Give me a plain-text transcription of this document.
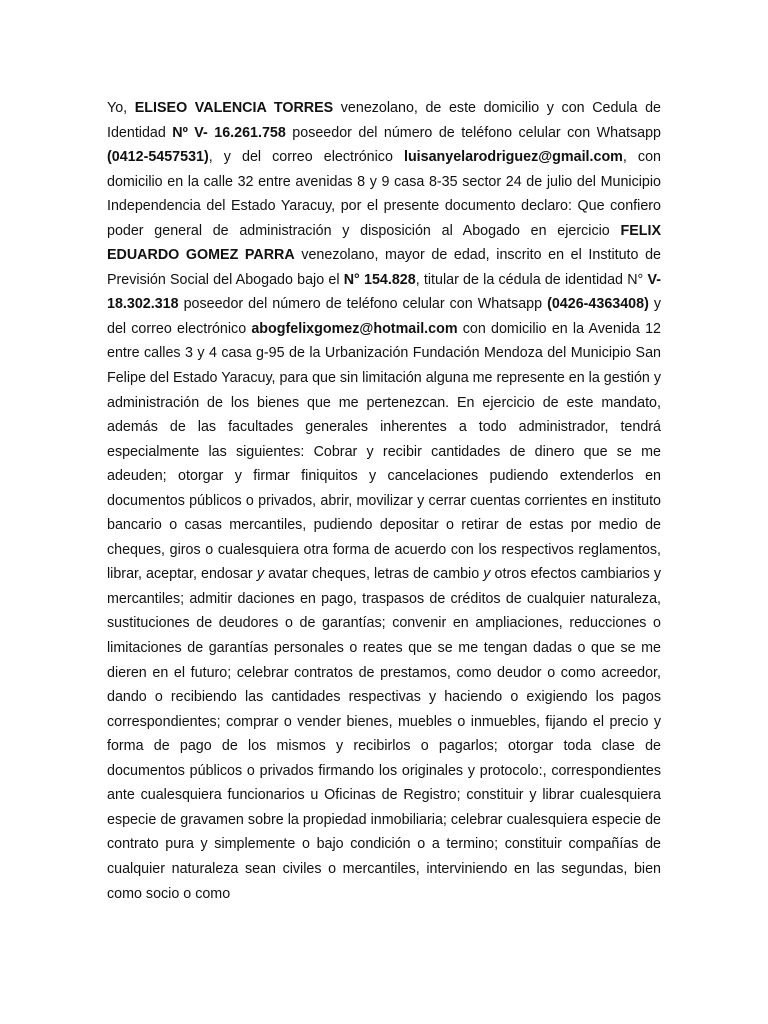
Yo, ELISEO VALENCIA TORRES venezolano, de este domicilio y con Cedula de Identidad Nº V- 16.261.758 poseedor del número de teléfono celular con Whatsapp (0412-5457531), y del correo electrónico luisanyelarodriguez@gmail.com, con domicilio en la calle 32 entre avenidas 8 y 9 casa 8-35 sector 24 de julio del Municipio Independencia del Estado Yaracuy, por el presente documento declaro: Que confiero poder general de administración y disposición al Abogado en ejercicio FELIX EDUARDO GOMEZ PARRA venezolano, mayor de edad, inscrito en el Instituto de Previsión Social del Abogado bajo el N° 154.828, titular de la cédula de identidad N° V-18.302.318 poseedor del número de teléfono celular con Whatsapp (0426-4363408) y del correo electrónico abogfelixgomez@hotmail.com con domicilio en la Avenida 12 entre calles 3 y 4 casa g-95 de la Urbanización Fundación Mendoza del Municipio San Felipe del Estado Yaracuy, para que sin limitación alguna me represente en la gestión y administración de los bienes que me pertenezcan. En ejercicio de este mandato, además de las facultades generales inherentes a todo administrador, tendrá especialmente las siguientes: Cobrar y recibir cantidades de dinero que se me adeuden; otorgar y firmar finiquitos y cancelaciones pudiendo extenderlos en documentos públicos o privados, abrir, movilizar y cerrar cuentas corrientes en instituto bancario o casas mercantiles, pudiendo depositar o retirar de estas por medio de cheques, giros o cualesquiera otra forma de acuerdo con los respectivos reglamentos, librar, aceptar, endosar y avatar cheques, letras de cambio y otros efectos cambiarios y mercantiles; admitir daciones en pago, traspasos de créditos de cualquier naturaleza, sustituciones de deudores o de garantías; convenir en ampliaciones, reducciones o limitaciones de garantías personales o reates que se me tengan dadas o que se me dieren en el futuro; celebrar contratos de prestamos, como deudor o como acreedor, dando o recibiendo las cantidades respectivas y haciendo o exigiendo los pagos correspondientes; comprar o vender bienes, muebles o inmuebles, fijando el precio y forma de pago de los mismos y recibirlos o pagarlos; otorgar toda clase de documentos públicos o privados firmando los originales y protocolo:, correspondientes ante cualesquiera funcionarios u Oficinas de Registro; constituir y librar cualesquiera especie de gravamen sobre la propiedad inmobiliaria; celebrar cualesquiera especie de contrato pura y simplemente o bajo condición o a termino; constituir compañías de cualquier naturaleza sean civiles o mercantiles, interviniendo en las segundas, bien como socio o como
